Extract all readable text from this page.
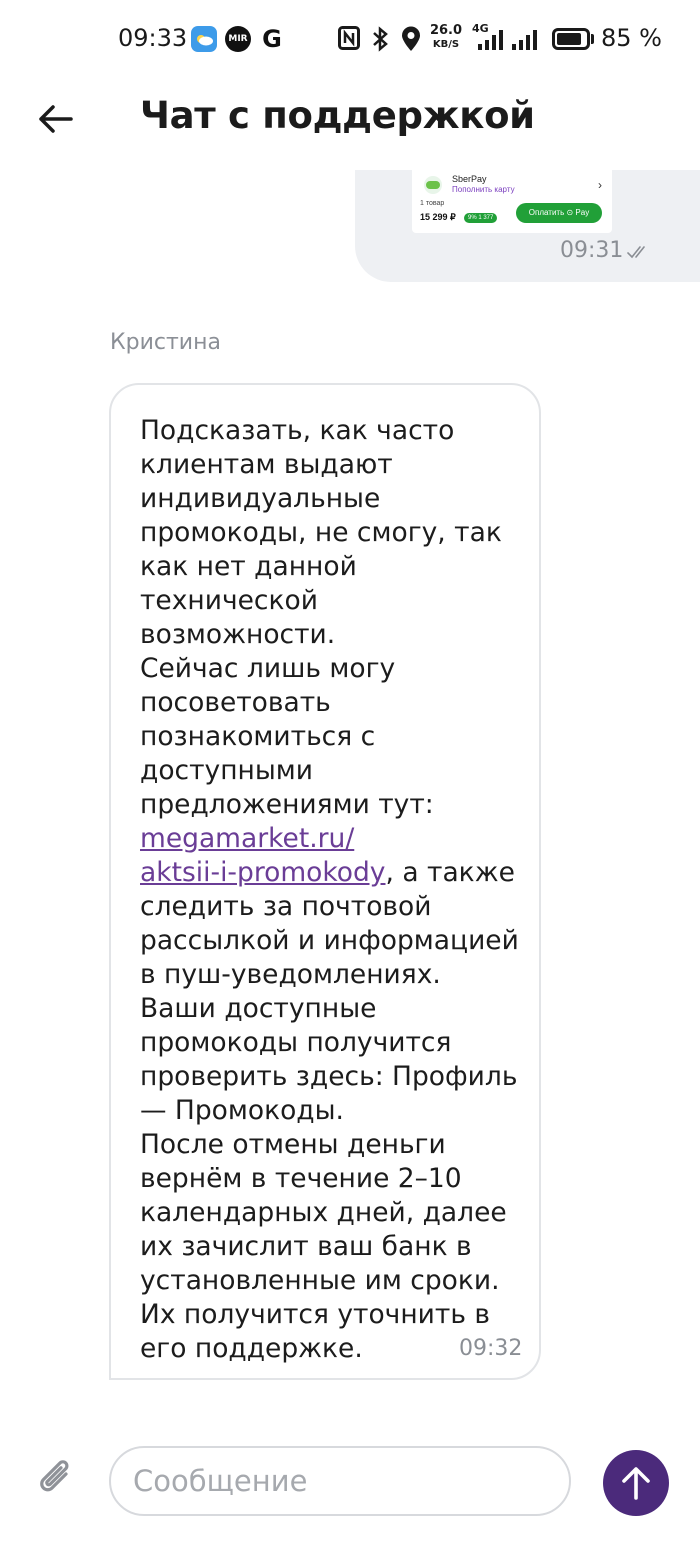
09:33	MIR G	26.0
KB/S
4G	85 %
Чат с поддержкой
SberPay
Пополнить карту	›
1 товар
15 299 ₽	9% 1 377
Оплатить ⊙ Pay
09:31
Кристина
Подсказать, как часто клиентам выдают индивидуальные промокоды, не смогу, так как нет данной технической возможности.
Сейчас лишь могу посоветовать познакомиться с доступными предложениями тут: megamarket.ru/
aktsii-i-promokody, а также следить за почтовой рассылкой и информацией в пуш-уведомлениях.
Ваши доступные промокоды получится проверить здесь: Профиль — Промокоды.
После отмены деньги вернём в течение 2–10 календарных дней, далее их зачислит ваш банк в установленные им сроки. Их получится уточнить в его поддержке.	09:32
Сообщение
